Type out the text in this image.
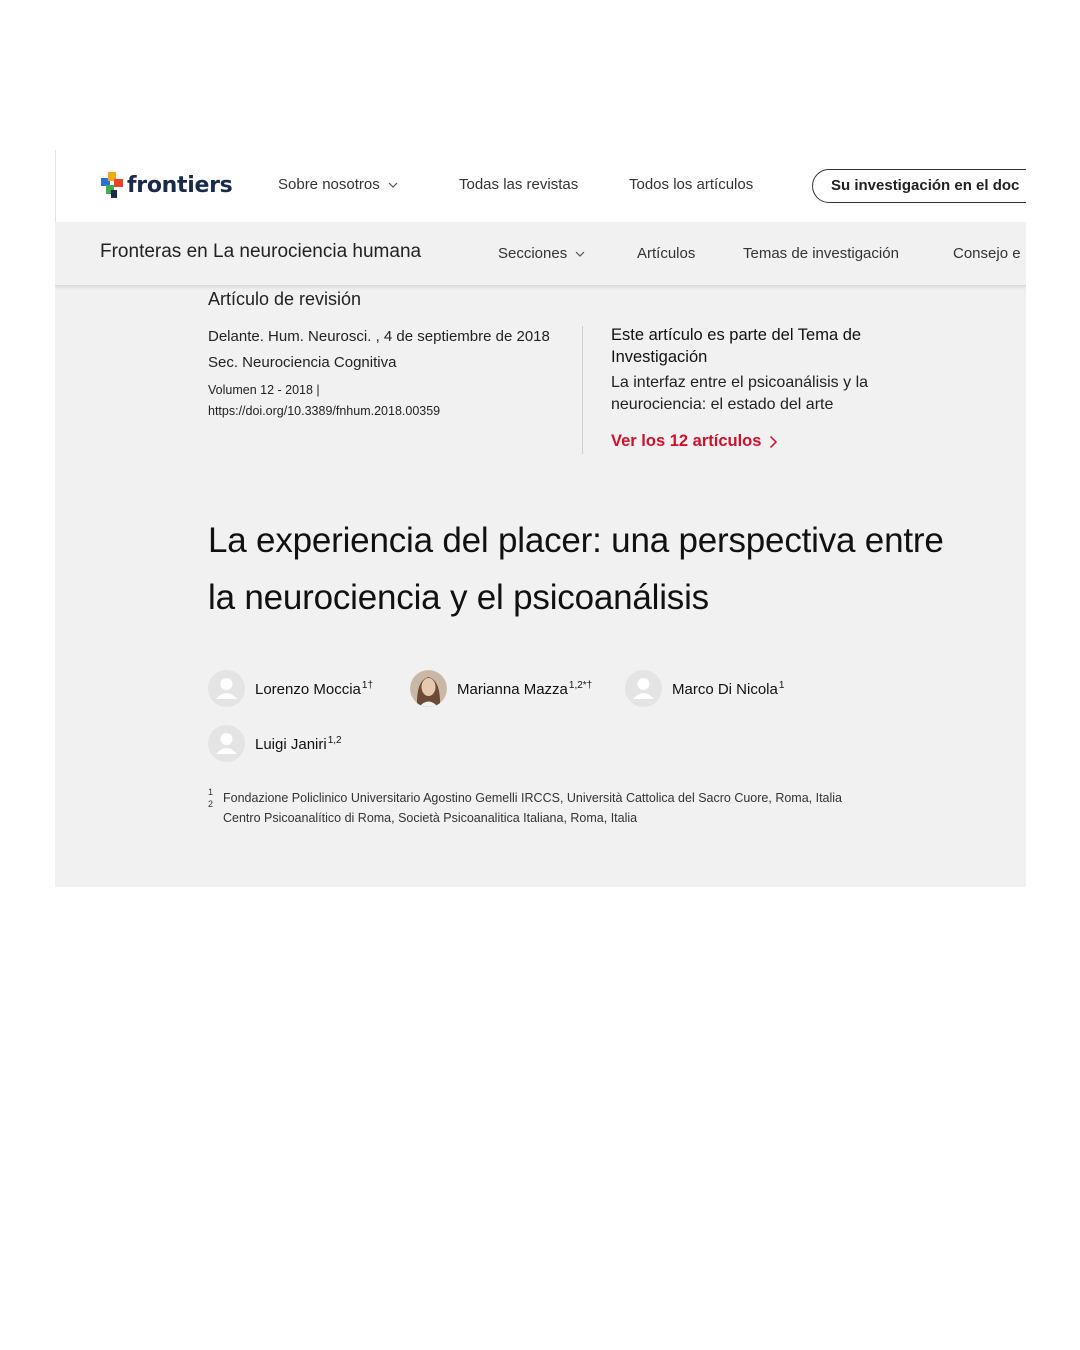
frontiers	Sobre nosotros	Todas las revistas	Todos los artículos	Su investigación en el doc
Fronteras en La neurociencia humana	Secciones	Artículos	Temas de investigación	Consejo e
Artículo de revisión
Delante. Hum. Neurosci. , 4 de septiembre de 2018
Sec. Neurociencia Cognitiva
Volumen 12 - 2018 |
https://doi.org/10.3389/fnhum.2018.00359
Este artículo es parte del Tema de Investigación
La interfaz entre el psicoanálisis y la neurociencia: el estado del arte
Ver los 12 artículos
La experiencia del placer: una perspectiva entre la neurociencia y el psicoanálisis
Lorenzo Moccia$^{1\dagger}$	Marianna Mazza$^{1,2*\dagger}$	Marco Di Nicola$^1$
Luigi Janiri$^{1,2}$
1 Fondazione Policlinico Universitario Agostino Gemelli IRCCS, Università Cattolica del Sacro Cuore, Roma, Italia
2
Centro Psicoanalítico di Roma, Società Psicoanalitica Italiana, Roma, Italia
